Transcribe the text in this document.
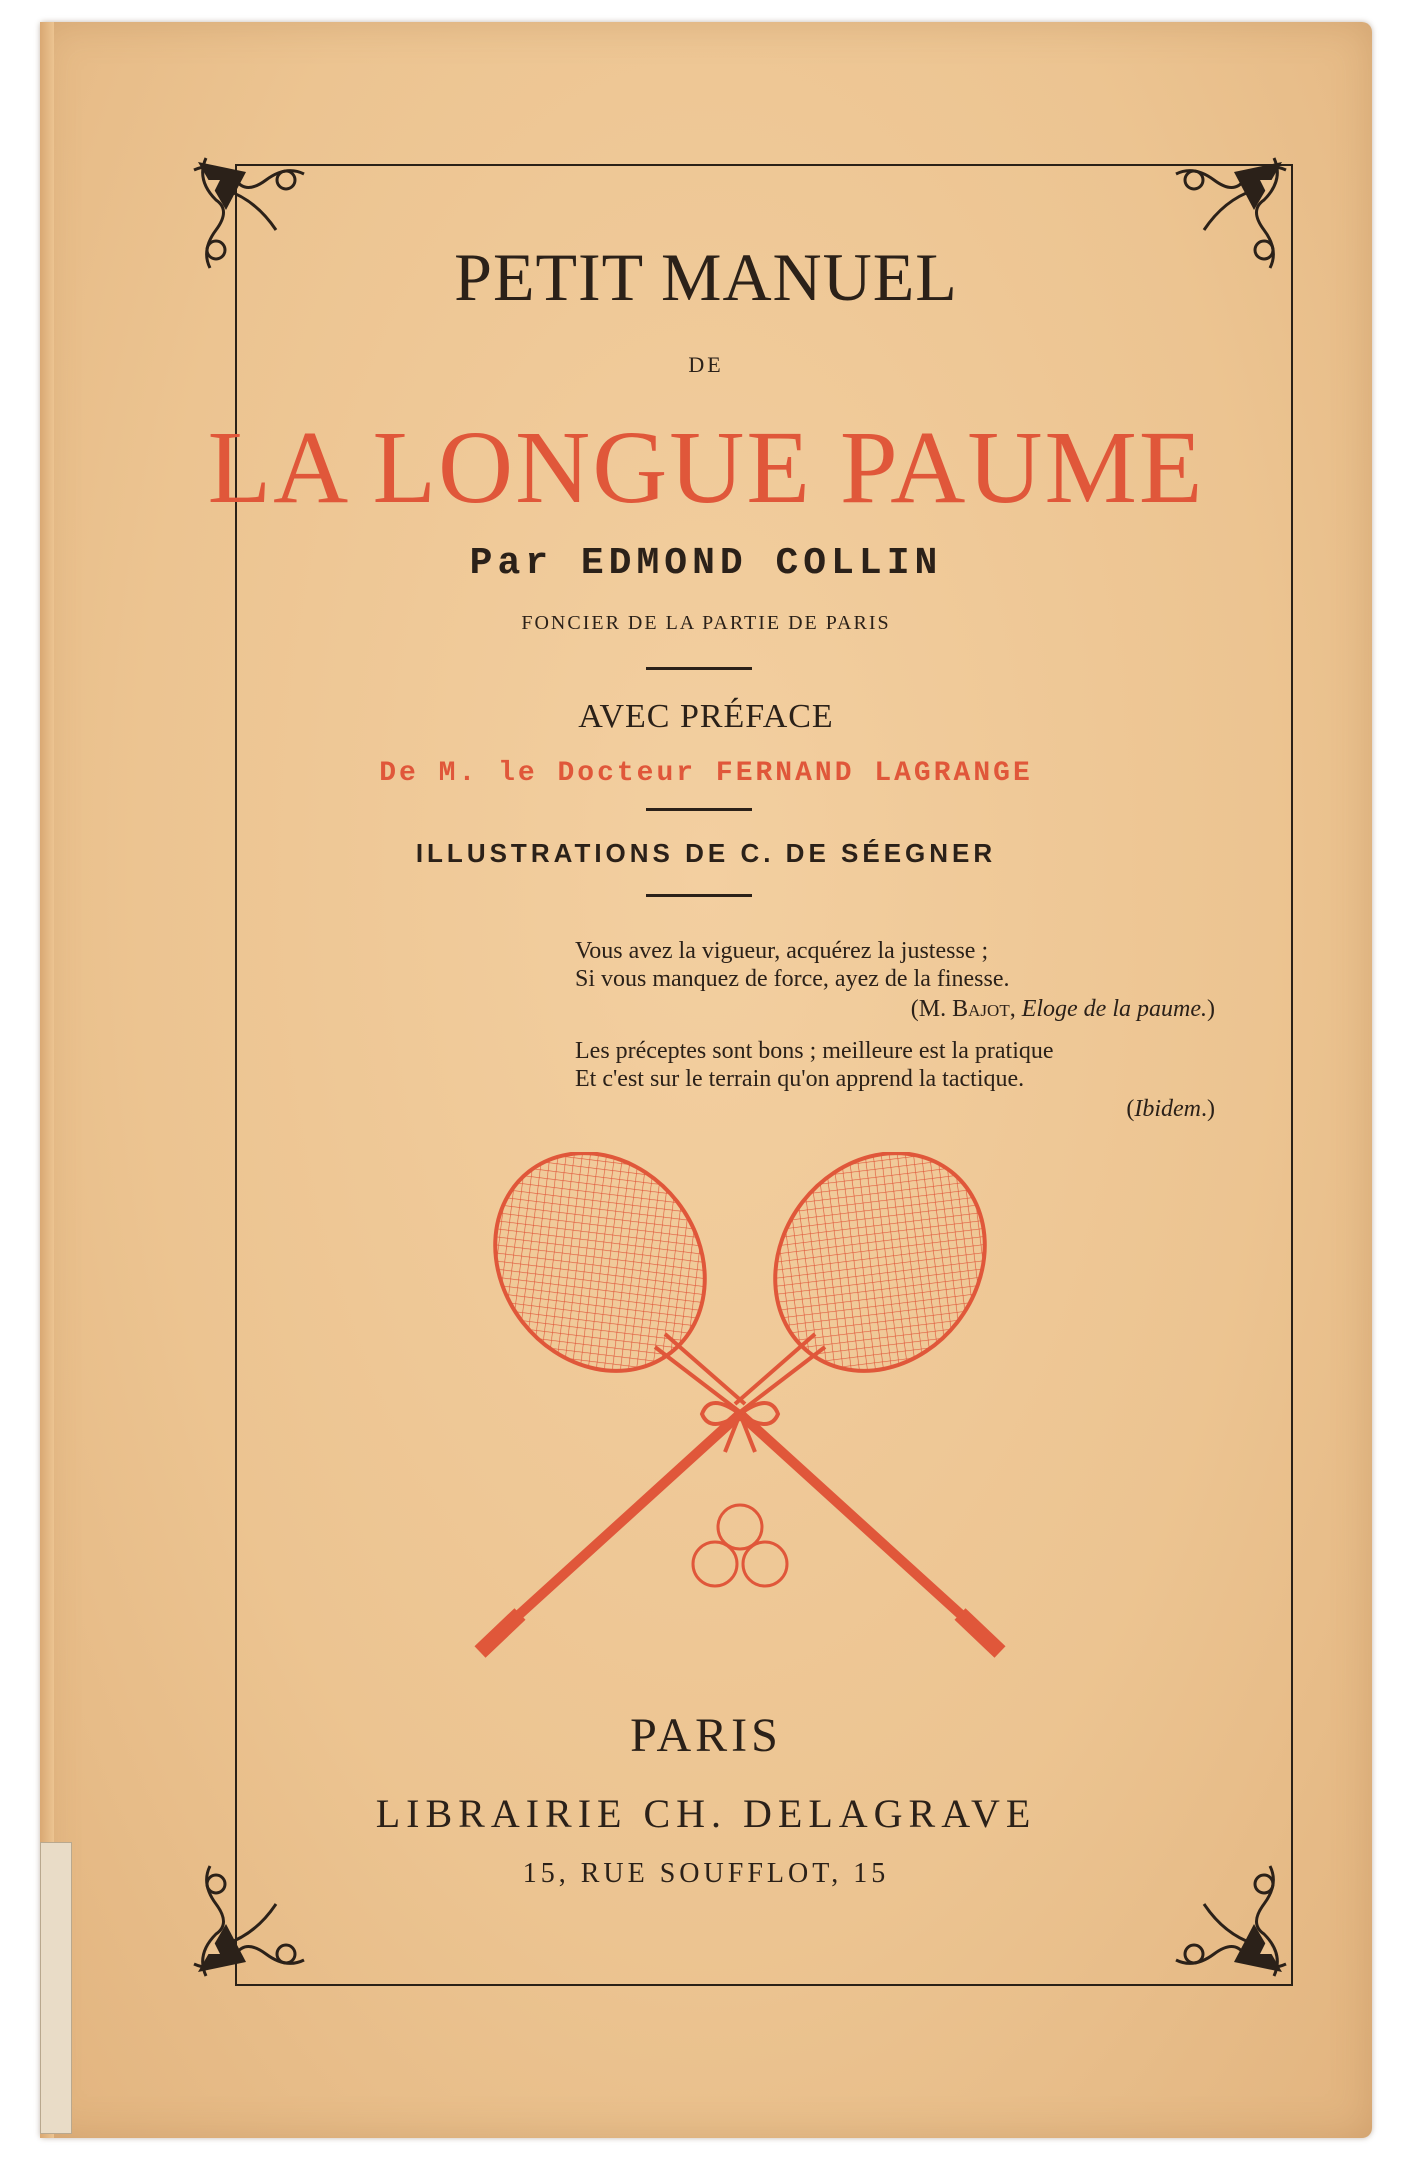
PETIT MANUEL
DE
LA LONGUE PAUME
Par EDMOND COLLIN
FONCIER DE LA PARTIE DE PARIS
AVEC PRÉFACE
De M. le Docteur FERNAND LAGRANGE
ILLUSTRATIONS DE C. DE SÉEGNER
Vous avez la vigueur, acquérez la justesse ;
Si vous manquez de force, ayez de la finesse.
(M. Bajot, Eloge de la paume.)
Les préceptes sont bons ; meilleure est la pratique
Et c'est sur le terrain qu'on apprend la tactique.
(Ibidem.)
PARIS
LIBRAIRIE CH. DELAGRAVE
15, RUE SOUFFLOT, 15
